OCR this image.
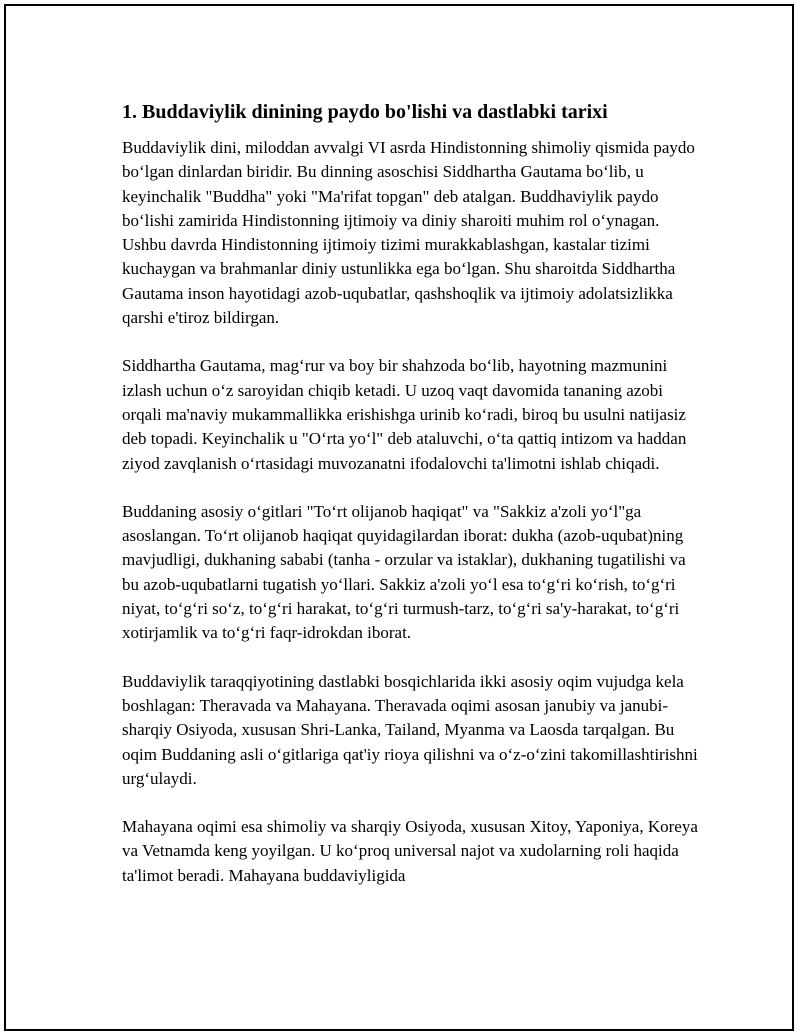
1. Buddaviylik dinining paydo bo'lishi va dastlabki tarixi

Buddaviylik dini, miloddan avvalgi VI asrda Hindistonning shimoliy qismida paydo bo‘lgan dinlardan biridir. Bu dinning asoschisi Siddhartha Gautama bo‘lib, u keyinchalik "Buddha" yoki "Ma'rifat topgan" deb atalgan. Buddhaviylik paydo bo‘lishi zamirida Hindistonning ijtimoiy va diniy sharoiti muhim rol o‘ynagan. Ushbu davrda Hindistonning ijtimoiy tizimi murakkablashgan, kastalar tizimi kuchaygan va brahmanlar diniy ustunlikka ega bo‘lgan. Shu sharoitda Siddhartha Gautama inson hayotidagi azob-uqubatlar, qashshoqlik va ijtimoiy adolatsizlikka qarshi e'tiroz bildirgan.

Siddhartha Gautama, mag‘rur va boy bir shahzoda bo‘lib, hayotning mazmunini izlash uchun o‘z saroyidan chiqib ketadi. U uzoq vaqt davomida tananing azobi orqali ma'naviy mukammallikka erishishga urinib ko‘radi, biroq bu usulni natijasiz deb topadi. Keyinchalik u "O‘rta yo‘l" deb ataluvchi, o‘ta qattiq intizom va haddan ziyod zavqlanish o‘rtasidagi muvozanatni ifodalovchi ta'limotni ishlab chiqadi.

Buddaning asosiy o‘gitlari "To‘rt olijanob haqiqat" va "Sakkiz a'zoli yo‘l"ga asoslangan. To‘rt olijanob haqiqat quyidagilardan iborat: dukha (azob-uqubat)ning mavjudligi, dukhaning sababi (tanha - orzular va istaklar), dukhaning tugatilishi va bu azob-uqubatlarni tugatish yo‘llari. Sakkiz a'zoli yo‘l esa to‘g‘ri ko‘rish, to‘g‘ri niyat, to‘g‘ri so‘z, to‘g‘ri harakat, to‘g‘ri turmush-tarz, to‘g‘ri sa'y-harakat, to‘g‘ri xotirjamlik va to‘g‘ri faqr-idrokdan iborat.

Buddaviylik taraqqiyotining dastlabki bosqichlarida ikki asosiy oqim vujudga kela boshlagan: Theravada va Mahayana. Theravada oqimi asosan janubiy va janubi-sharqiy Osiyoda, xususan Shri-Lanka, Tailand, Myanma va Laosda tarqalgan. Bu oqim Buddaning asli o‘gitlariga qat'iy rioya qilishni va o‘z-o‘zini takomillashtirishni urg‘ulaydi.

Mahayana oqimi esa shimoliy va sharqiy Osiyoda, xususan Xitoy, Yaponiya, Koreya va Vetnamda keng yoyilgan. U ko‘proq universal najot va xudolarning roli haqida ta'limot beradi. Mahayana buddaviyligida
